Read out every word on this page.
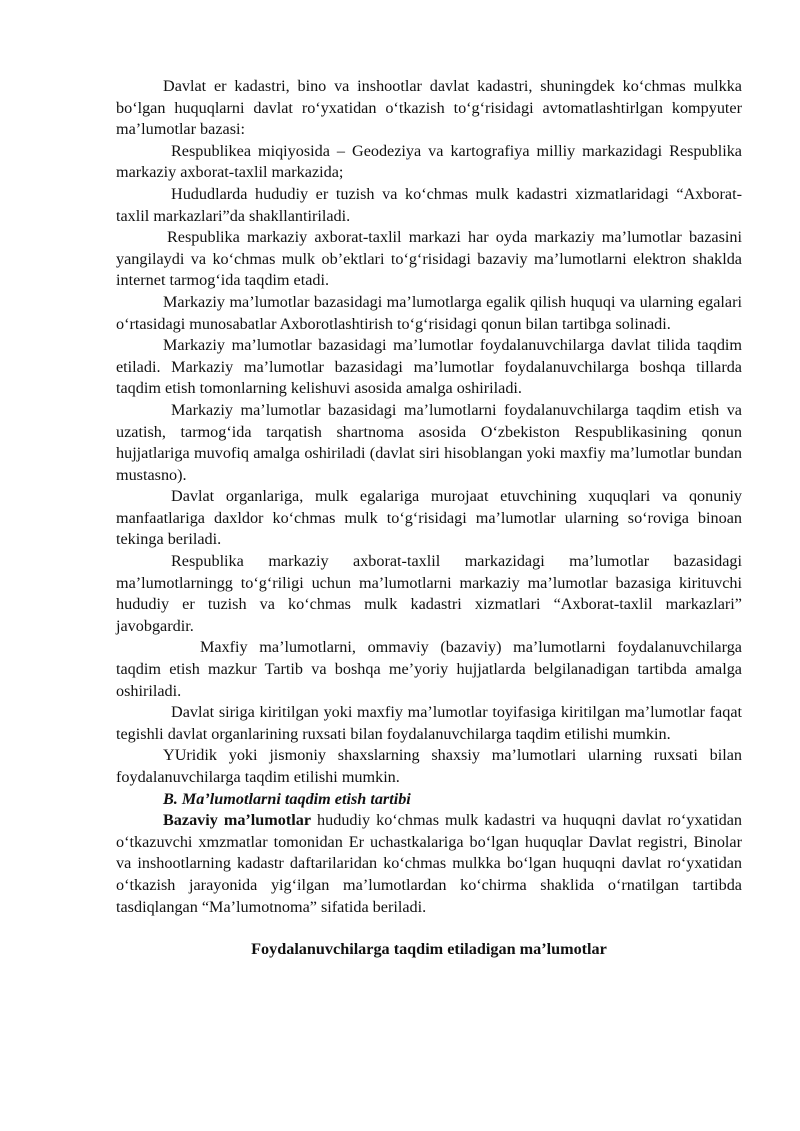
Davlat er kadastri, bino va inshootlar davlat kadastri, shuningdek ko‘chmas mulkka bo‘lgan huquqlarni davlat ro‘yxatidan o‘tkazish to‘g‘risidagi avtomatlashtirlgan kompyuter ma’lumotlar bazasi:

Respublikea miqiyosida – Geodeziya va kartografiya milliy markazidagi Respublika markaziy axborat-taxlil markazida;

Hududlarda hududiy er tuzish va ko‘chmas mulk kadastri xizmatlaridagi “Axborat-taxlil markazlari”da shakllantiriladi.

Respublika markaziy axborat-taxlil markazi har oyda markaziy ma’lumotlar bazasini yangilaydi va ko‘chmas mulk ob’ektlari to‘g‘risidagi bazaviy ma’lumotlarni elektron shaklda internet tarmog‘ida taqdim etadi.

Markaziy ma’lumotlar bazasidagi ma’lumotlarga egalik qilish huquqi va ularning egalari o‘rtasidagi munosabatlar Axborotlashtirish to‘g‘risidagi qonun bilan tartibga solinadi.

Markaziy ma’lumotlar bazasidagi ma’lumotlar foydalanuvchilarga davlat tilida taqdim etiladi. Markaziy ma’lumotlar bazasidagi ma’lumotlar foydalanuvchilarga boshqa tillarda taqdim etish tomonlarning kelishuvi asosida amalga oshiriladi.

Markaziy ma’lumotlar bazasidagi ma’lumotlarni foydalanuvchilarga taqdim etish va uzatish, tarmog‘ida tarqatish shartnoma asosida O‘zbekiston Respublikasining qonun hujjatlariga muvofiq amalga oshiriladi (davlat siri hisoblangan yoki maxfiy ma’lumotlar bundan mustasno).

Davlat organlariga, mulk egalariga murojaat etuvchining xuquqlari va qonuniy manfaatlariga daxldor ko‘chmas mulk to‘g‘risidagi ma’lumotlar ularning so‘roviga binoan tekinga beriladi.

Respublika markaziy axborat-taxlil markazidagi ma’lumotlar bazasidagi ma’lumotlarningg to‘g‘riligi uchun ma’lumotlarni markaziy ma’lumotlar bazasiga kirituvchi hududiy er tuzish va ko‘chmas mulk kadastri xizmatlari “Axborat-taxlil markazlari” javobgardir.

Maxfiy ma’lumotlarni, ommaviy (bazaviy) ma’lumotlarni foydalanuvchilarga taqdim etish mazkur Tartib va boshqa me’yoriy hujjatlarda belgilanadigan tartibda amalga oshiriladi.

Davlat siriga kiritilgan yoki maxfiy ma’lumotlar toyifasiga kiritilgan ma’lumotlar faqat tegishli davlat organlarining ruxsati bilan foydalanuvchilarga taqdim etilishi mumkin.

YUridik yoki jismoniy shaxslarning shaxsiy ma’lumotlari ularning ruxsati bilan foydalanuvchilarga taqdim etilishi mumkin.

B. Ma’lumotlarni taqdim etish tartibi

Bazaviy ma’lumotlar hududiy ko‘chmas mulk kadastri va huquqni davlat ro‘yxatidan o‘tkazuvchi xmzmatlar tomonidan Er uchastkalariga bo‘lgan huquqlar Davlat registri, Binolar va inshootlarning kadastr daftarilaridan ko‘chmas mulkka bo‘lgan huquqni davlat ro‘yxatidan o‘tkazish jarayonida yig‘ilgan ma’lumotlardan ko‘chirma shaklida o‘rnatilgan tartibda tasdiqlangan “Ma’lumotnoma” sifatida beriladi.

Foydalanuvchilarga taqdim etiladigan ma’lumotlar
